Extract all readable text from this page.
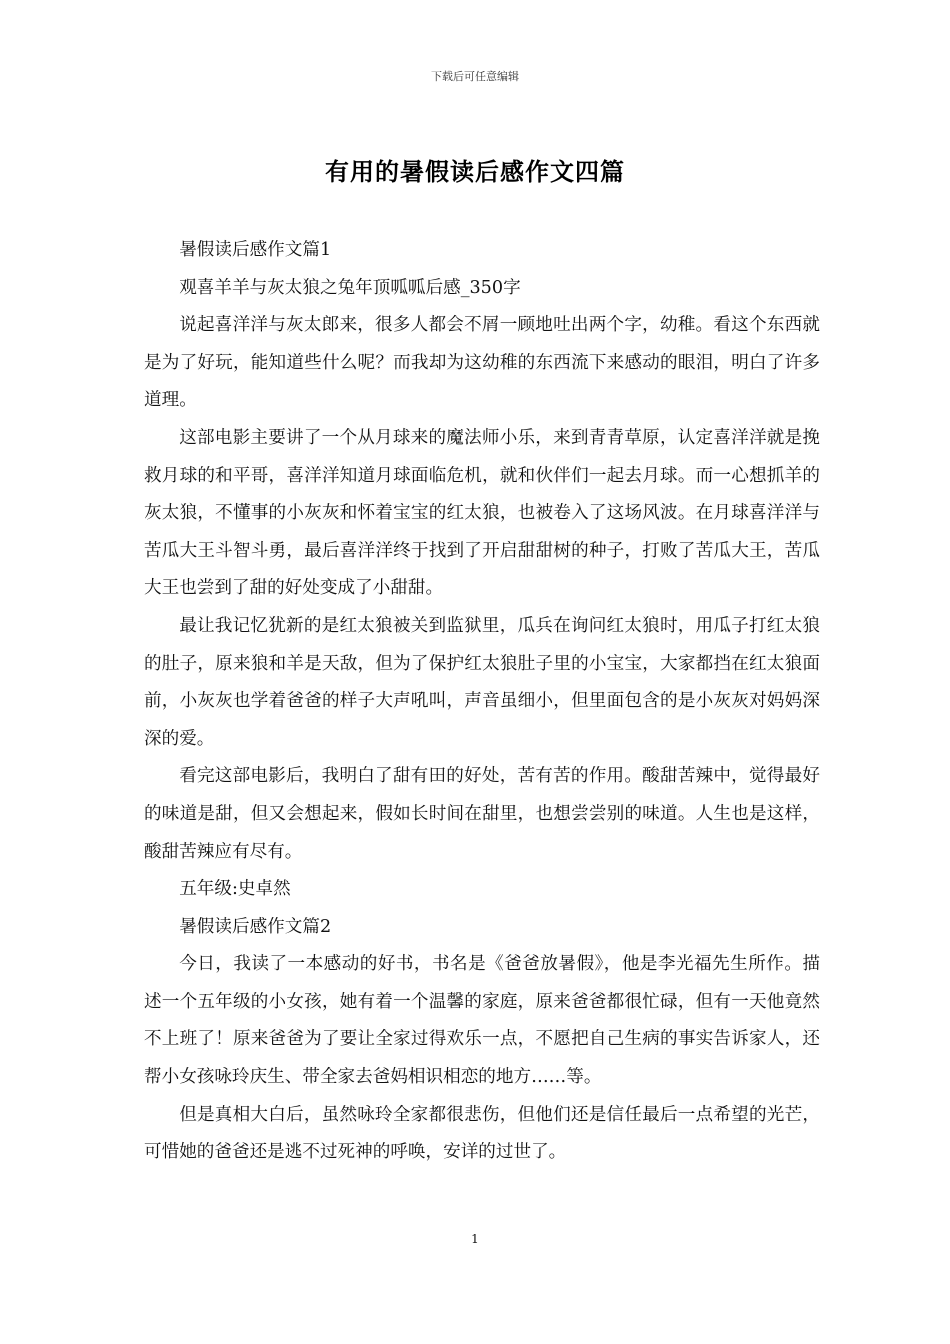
下载后可任意编辑
有用的暑假读后感作文四篇

暑假读后感作文篇1

观喜羊羊与灰太狼之兔年顶呱呱后感_350字

说起喜洋洋与灰太郎来，很多人都会不屑一顾地吐出两个字，幼稚。看这个东西就是为了好玩，能知道些什么呢？而我却为这幼稚的东西流下来感动的眼泪，明白了许多道理。

这部电影主要讲了一个从月球来的魔法师小乐，来到青青草原，认定喜洋洋就是挽救月球的和平哥，喜洋洋知道月球面临危机，就和伙伴们一起去月球。而一心想抓羊的灰太狼，不懂事的小灰灰和怀着宝宝的红太狼，也被卷入了这场风波。在月球喜洋洋与苦瓜大王斗智斗勇，最后喜洋洋终于找到了开启甜甜树的种子，打败了苦瓜大王，苦瓜大王也尝到了甜的好处变成了小甜甜。

最让我记忆犹新的是红太狼被关到监狱里，瓜兵在询问红太狼时，用瓜子打红太狼的肚子，原来狼和羊是天敌，但为了保护红太狼肚子里的小宝宝，大家都挡在红太狼面前，小灰灰也学着爸爸的样子大声吼叫，声音虽细小，但里面包含的是小灰灰对妈妈深深的爱。

看完这部电影后，我明白了甜有田的好处，苦有苦的作用。酸甜苦辣中，觉得最好的味道是甜，但又会想起来，假如长时间在甜里，也想尝尝别的味道。人生也是这样，酸甜苦辣应有尽有。

五年级:史卓然

暑假读后感作文篇2

今日，我读了一本感动的好书，书名是《爸爸放暑假》，他是李光福先生所作。描述一个五年级的小女孩，她有着一个温馨的家庭，原来爸爸都很忙碌，但有一天他竟然不上班了！原来爸爸为了要让全家过得欢乐一点，不愿把自己生病的事实告诉家人，还帮小女孩咏玲庆生、带全家去爸妈相识相恋的地方……等。

但是真相大白后，虽然咏玲全家都很悲伤，但他们还是信任最后一点希望的光芒，可惜她的爸爸还是逃不过死神的呼唤，安详的过世了。

1
